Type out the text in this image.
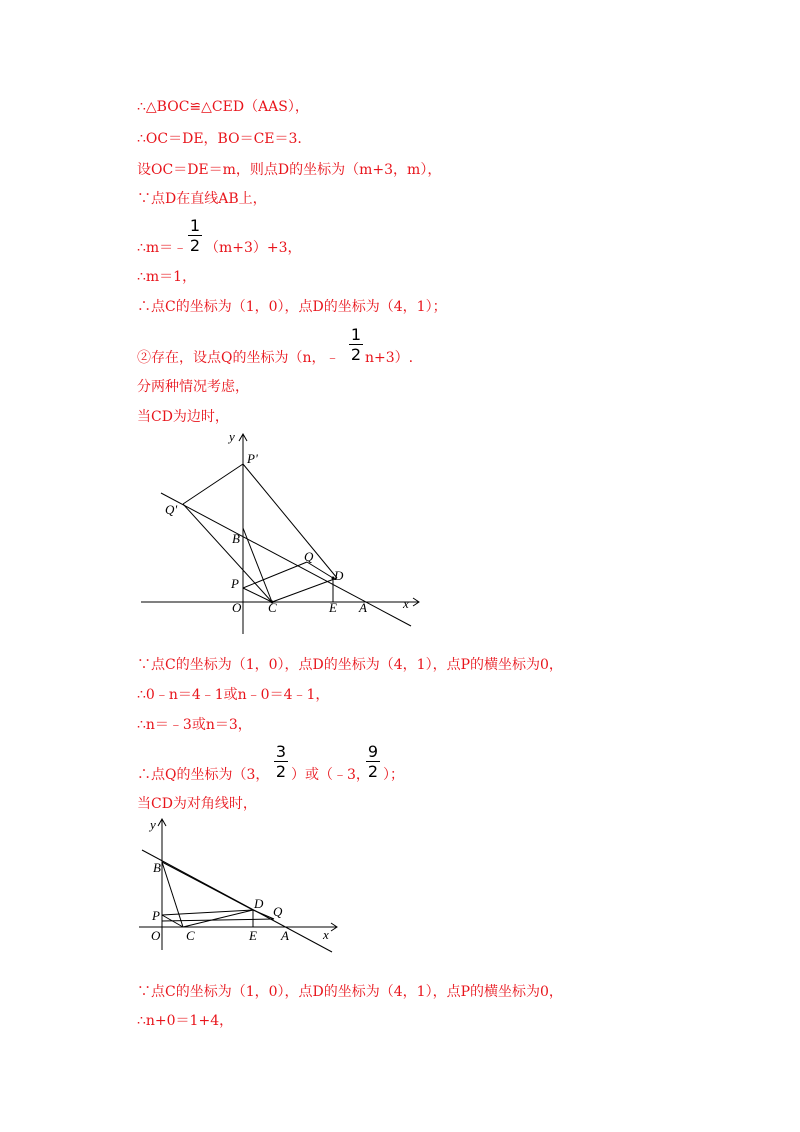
∴△BOC≌△CED（AAS），
∴OC＝DE，BO＝CE＝3.
设OC＝DE＝m，则点D的坐标为（m+3，m），
∵点D在直线AB上，
∴m＝﹣
1
2 （m+3）+3，
∴m＝1，
∴点C的坐标为（1，0），点D的坐标为（4，1）；
②存在，设点Q的坐标为（n，﹣
1
2 n+3）.
分两种情况考虑，
当CD为边时，
y
P'
Q'
B
Q
P
D
O C	E A	x
∵点C的坐标为（1，0），点D的坐标为（4，1），点P的横坐标为0，
∴0﹣n＝4﹣1或n﹣0＝4﹣1，
∴n＝﹣3或n＝3，
∴点Q的坐标为（3，
3
2 ）或（﹣3，
9
2 ）；
当CD为对角线时，
y
B
D
Q
P
O C	E A	x
∵点C的坐标为（1，0），点D的坐标为（4，1），点P的横坐标为0，
∴n+0＝1+4，
